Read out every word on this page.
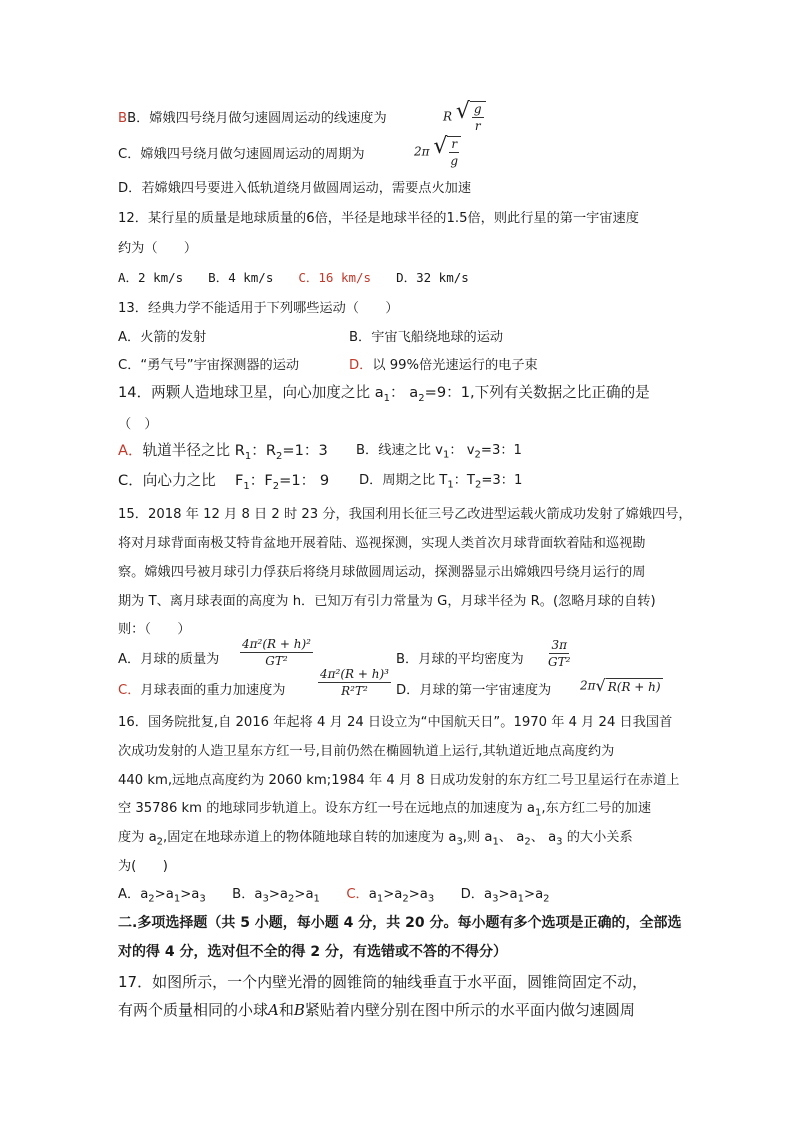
BB．嫦娥四号绕月做匀速圆周运动的线速度为	R √ $\frac{g}{r}$
C．嫦娥四号绕月做匀速圆周运动的周期为	2π √ $\frac{r}{g}$
D．若嫦娥四号要进入低轨道绕月做圆周运动，需要点火加速
12．某行星的质量是地球质量的6倍，半径是地球半径的1.5倍，则此行星的第一宇宙速度
约为（　　）
A．2 km/s　　B．4 km/s　　C．16 km/s　　D．32 km/s
13．经典力学不能适用于下列哪些运动（　　）
A．火箭的发射	B．宇宙飞船绕地球的运动
C．“勇气号”宇宙探测器的运动	D．以 99%倍光速运行的电子束
14．两颗人造地球卫星，向心加度之比 $a_1$： $a_2=9$：1,下列有关数据之比正确的是
（　）
A．轨道半径之比 $R_1$：$R_2=1$：3 B．线速之比 $v_1$： $v_2=3$：1
C．向心力之比　 $F_1$：$F_2=1$： 9 D．周期之比 $T_1$：$T_2=3$：1
15．2018 年 12 月 8 日 2 时 23 分，我国利用长征三号乙改进型运载火箭成功发射了嫦娥四号，
将对月球背面南极艾特肯盆地开展着陆、巡视探测，实现人类首次月球背面软着陆和巡视勘
察。嫦娥四号被月球引力俘获后将绕月球做圆周运动，探测器显示出嫦娥四号绕月运行的周
期为 T、离月球表面的高度为 h．已知万有引力常量为 G，月球半径为 R。(忽略月球的自转)
则：（　　）
A．月球的质量为 $\frac{\text{4π²(R + h)²}}{\text{GT²}}$	B．月球的平均密度为 $\frac{3\pi}{\text{GT²}}$
C．月球表面的重力加速度为	$\frac{\text{4π²(R + h)³}}{\text{R²T²}}$ D．月球的第一宇宙速度为 2π √ R(R + h)
16．国务院批复,自 2016 年起将 4 月 24 日设立为“中国航天日”。1970 年 4 月 24 日我国首
次成功发射的人造卫星东方红一号,目前仍然在椭圆轨道上运行,其轨道近地点高度约为
440 km,远地点高度约为 2060 km;1984 年 4 月 8 日成功发射的东方红二号卫星运行在赤道上
空 35786 km 的地球同步轨道上。设东方红一号在远地点的加速度为 $a_1$,东方红二号的加速
度为 $a_2$,固定在地球赤道上的物体随地球自转的加速度为 $a_3$,则 $a_1$、 $a_2$、 $a_3$ 的大小关系
为(　　)
A．$a_2>a_1>a_3$ B．$a_3>a_2>a_1$ C．$a_1>a_2>a_3$ D．$a_3>a_1>a_2$
二.多项选择题（共 5 小题，每小题 4 分，共 20 分。每小题有多个选项是正确的，全部选
对的得 4 分，选对但不全的得 2 分，有选错或不答的不得分）
17．如图所示，一个内壁光滑的圆锥筒的轴线垂直于水平面，圆锥筒固定不动，
有两个质量相同的小球A和B紧贴着内壁分别在图中所示的水平面内做匀速圆周
